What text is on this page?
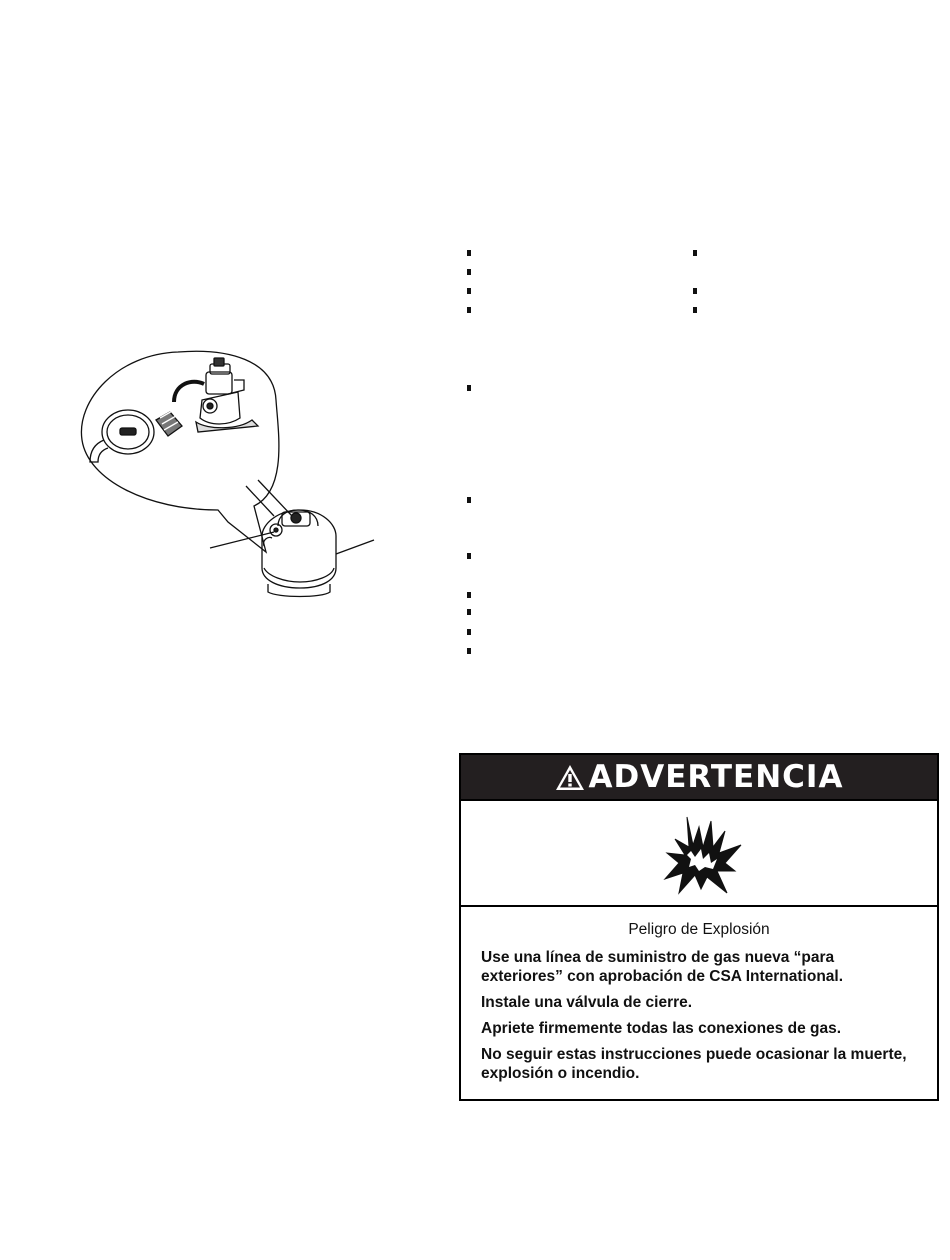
ADVERTENCIA
Peligro de Explosión

Use una línea de suministro de gas nueva “para exteriores” con aprobación de CSA International.

Instale una válvula de cierre.

Apriete firmemente todas las conexiones de gas.

No seguir estas instrucciones puede ocasionar la muerte, explosión o incendio.
